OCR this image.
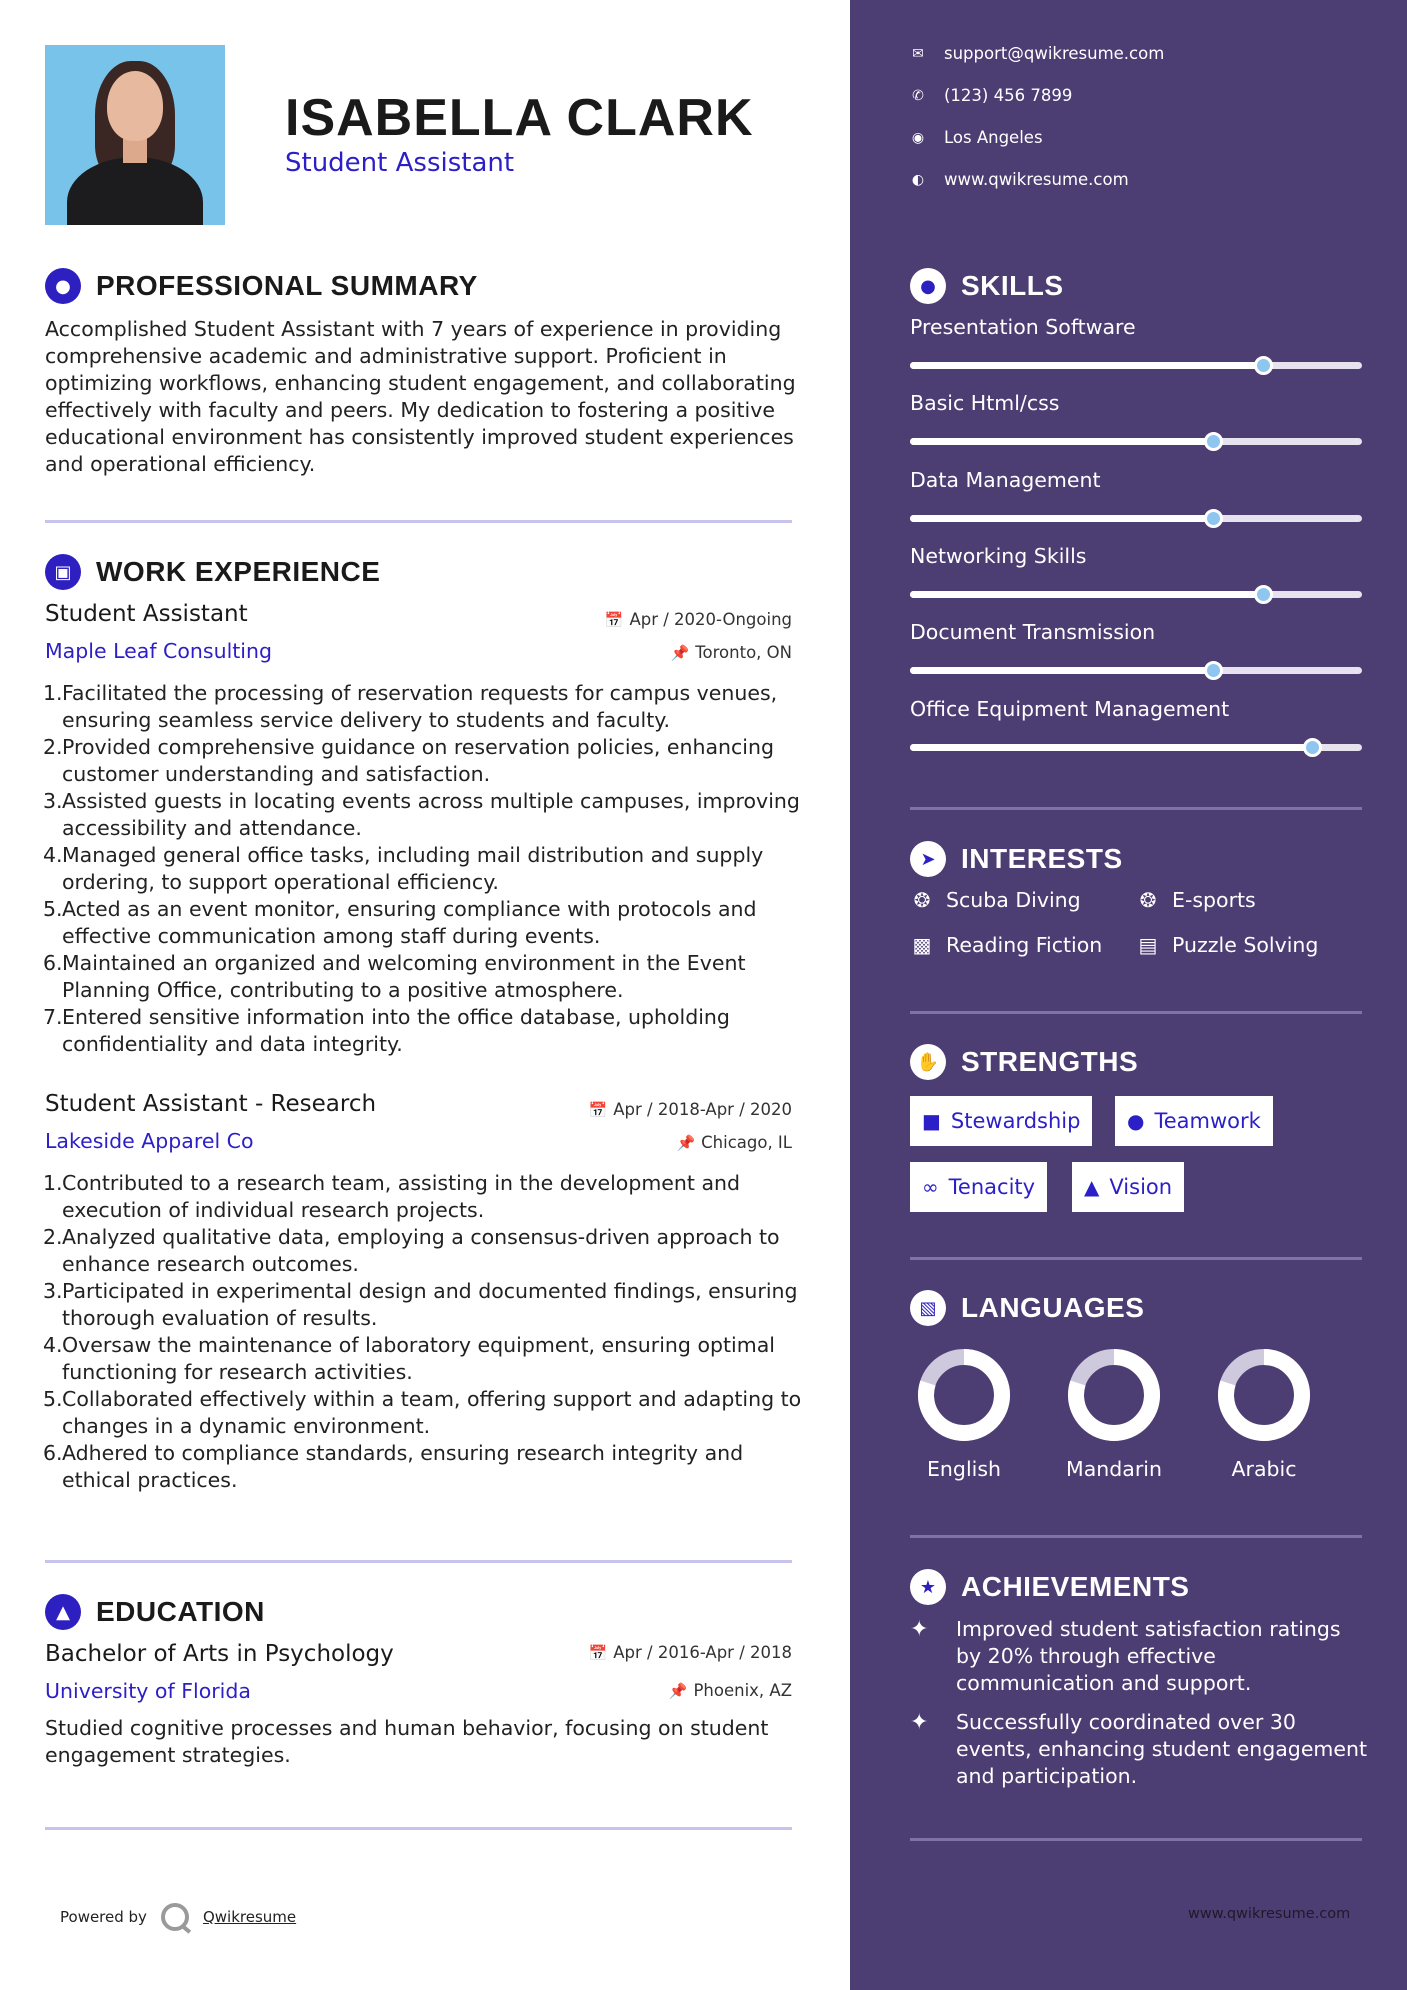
ISABELLA CLARK
Student Assistant
● PROFESSIONAL SUMMARY
Accomplished Student Assistant with 7 years of experience in providing comprehensive academic and administrative support. Proficient in optimizing workflows, enhancing student engagement, and collaborating effectively with faculty and peers. My dedication to fostering a positive educational environment has consistently improved student experiences and operational efficiency.
▣ WORK EXPERIENCE
Student Assistant	📅 Apr / 2020-Ongoing
Maple Leaf Consulting	📌 Toronto, ON
1. Facilitated the processing of reservation requests for campus venues, ensuring seamless service delivery to students and faculty.
2. Provided comprehensive guidance on reservation policies, enhancing customer understanding and satisfaction.
3. Assisted guests in locating events across multiple campuses, improving accessibility and attendance.
4. Managed general office tasks, including mail distribution and supply ordering, to support operational efficiency.
5. Acted as an event monitor, ensuring compliance with protocols and effective communication among staff during events.
6. Maintained an organized and welcoming environment in the Event Planning Office, contributing to a positive atmosphere.
7. Entered sensitive information into the office database, upholding confidentiality and data integrity.
Student Assistant - Research	📅 Apr / 2018-Apr / 2020
Lakeside Apparel Co	📌 Chicago, IL
1. Contributed to a research team, assisting in the development and execution of individual research projects.
2. Analyzed qualitative data, employing a consensus-driven approach to enhance research outcomes.
3. Participated in experimental design and documented findings, ensuring thorough evaluation of results.
4. Oversaw the maintenance of laboratory equipment, ensuring optimal functioning for research activities.
5. Collaborated effectively within a team, offering support and adapting to changes in a dynamic environment.
6. Adhered to compliance standards, ensuring research integrity and ethical practices.
▲ EDUCATION
Bachelor of Arts in Psychology	📅 Apr / 2016-Apr / 2018
University of Florida	📌 Phoenix, AZ
Studied cognitive processes and human behavior, focusing on student engagement strategies.
Powered by	Qwikresume
✉ support@qwikresume.com
✆ (123) 456 7899
◉ Los Angeles
◐ www.qwikresume.com
● SKILLS
Presentation Software
Basic Html/css
Data Management
Networking Skills
Document Transmission
Office Equipment Management
➤ INTERESTS
❂ Scuba Diving	❂ E-sports
▩ Reading Fiction ▤ Puzzle Solving
✋ STRENGTHS
■ Stewardship ● Teamwork
∞ Tenacity ▲ Vision
▧ LANGUAGES
English	Mandarin	Arabic
★ ACHIEVEMENTS
✦	Improved student satisfaction ratings by 20% through effective communication and support.
✦	Successfully coordinated over 30 events, enhancing student engagement and participation.
www.qwikresume.com
